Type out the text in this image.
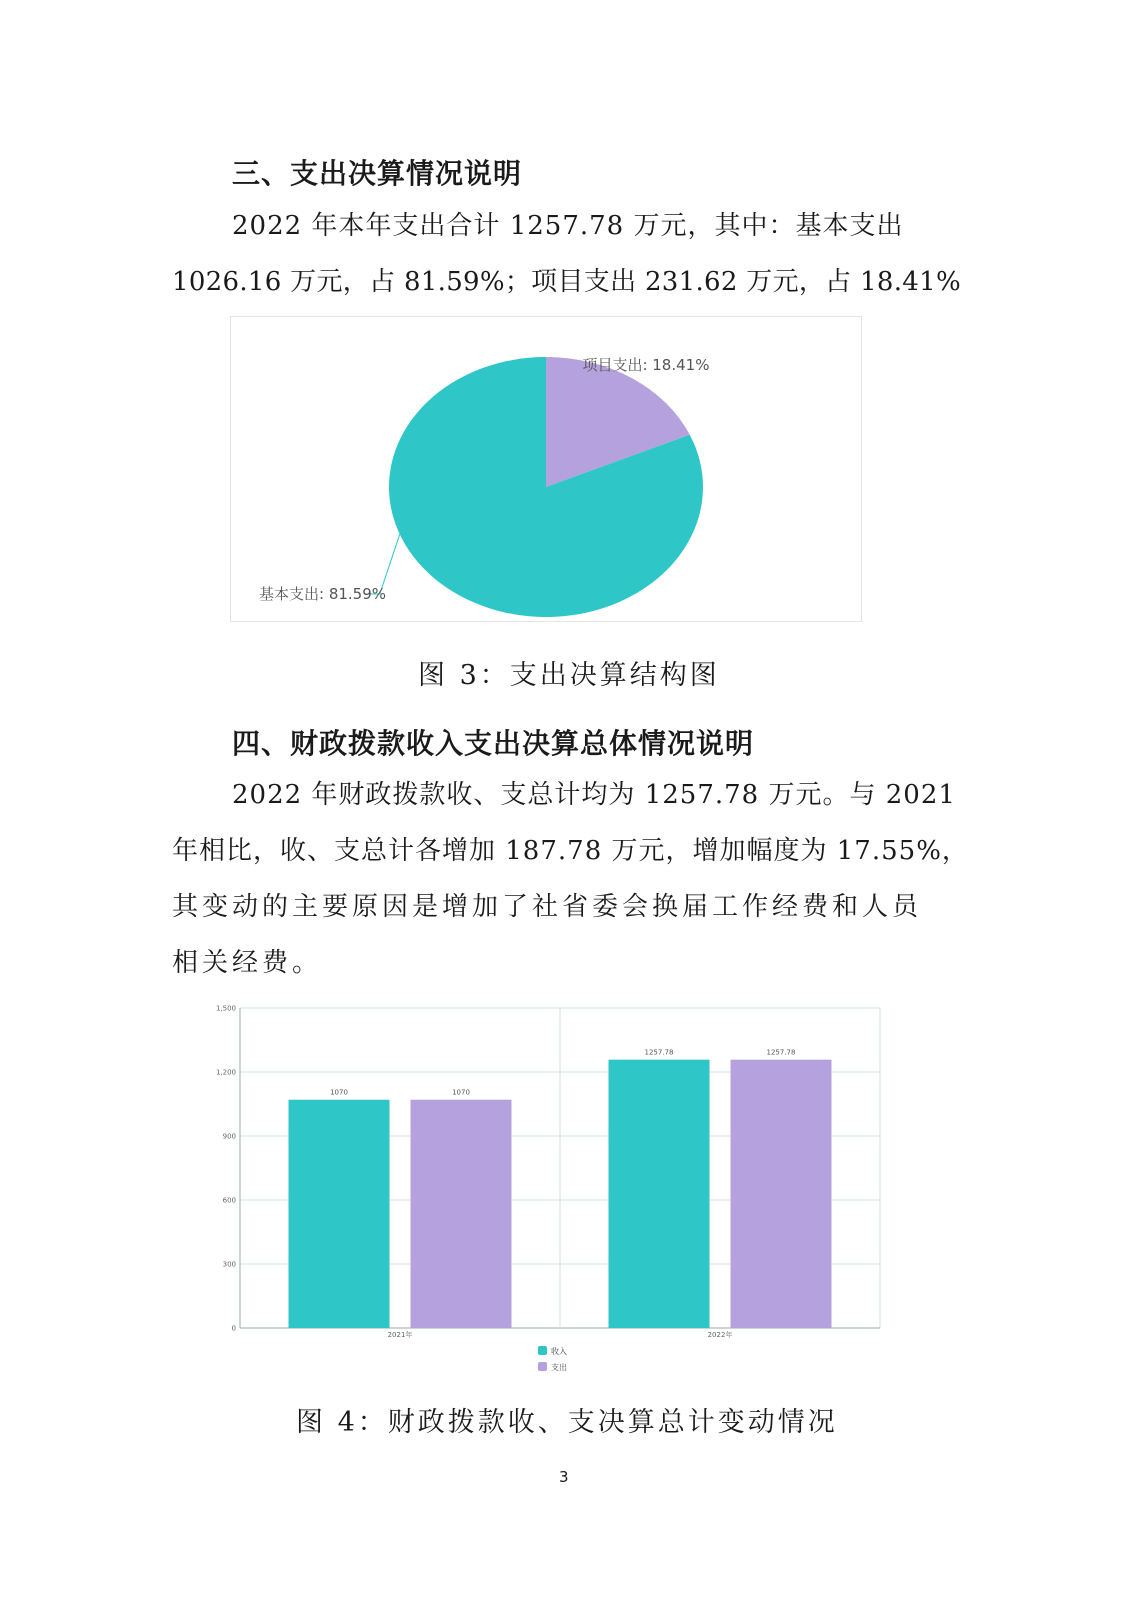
三、支出决算情况说明
2022 年本年支出合计 1257.78 万元，其中：基本支出
1026.16 万元，占 81.59%；项目支出 231.62 万元，占 18.41%
项目支出: 18.41%
基本支出: 81.59%
图 3：支出决算结构图
四、财政拨款收入支出决算总体情况说明
2022 年财政拨款收、支总计均为 1257.78 万元。与 2021
年相比，收、支总计各增加 187.78 万元，增加幅度为 17.55%，
其变动的主要原因是增加了社省委会换届工作经费和人员
相关经费。
0
300
600
900
1,200
1,500
1070	1070
2021年
1257.78	1257.78
2022年
收入
支出
图 4：财政拨款收、支决算总计变动情况
3
